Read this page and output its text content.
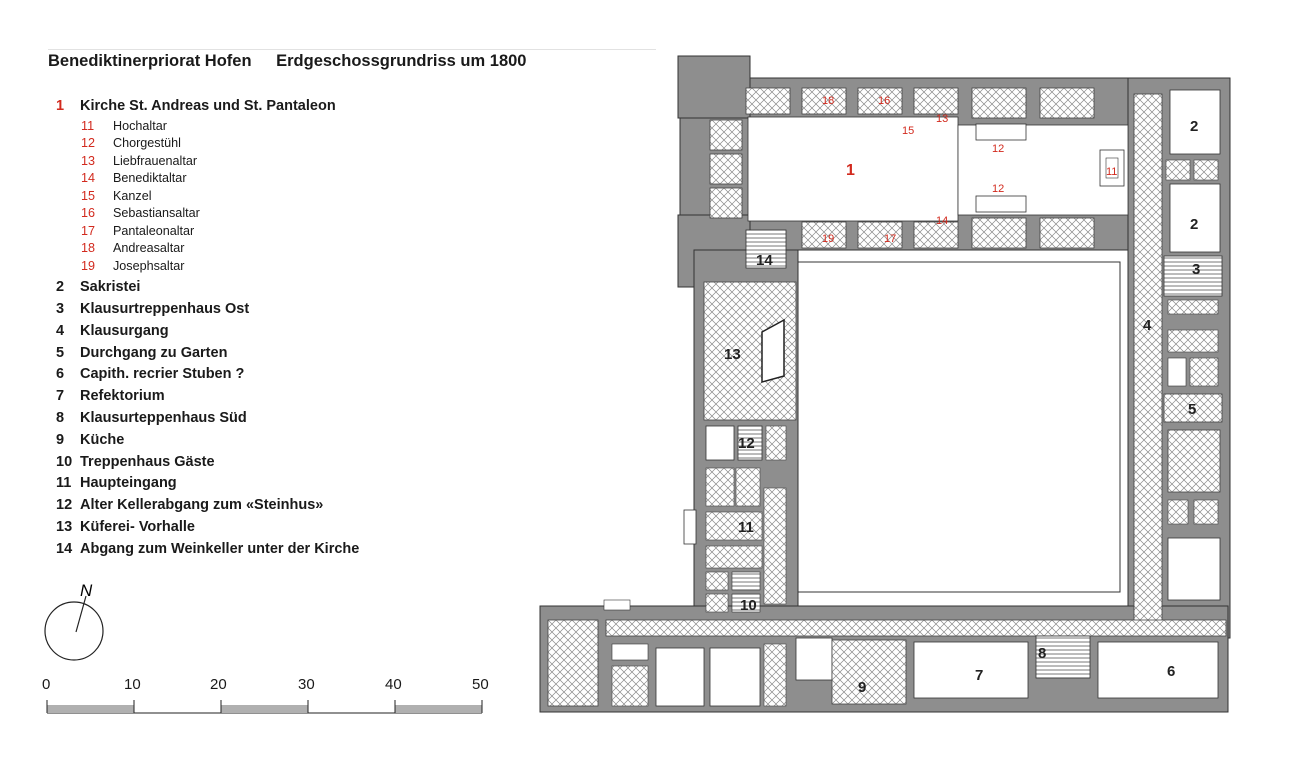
Benediktinerpriorat Hofen Erdgeschossgrundriss um 1800
1	Kirche St. Andreas und St. Pantaleon
11 Hochaltar
12 Chorgestühl
13 Liebfrauenaltar
14 Benediktaltar
15 Kanzel
16 Sebastiansaltar
17 Pantaleonaltar
18 Andreasaltar
19 Josephsaltar
2	Sakristei
3	Klausurtreppenhaus Ost
4	Klausurgang
5	Durchgang zu Garten
6	Capith. recrier Stuben ?
7	Refektorium
8	Klausurteppenhaus Süd
9	Küche
10 Treppenhaus Gäste
11 Haupteingang
12 Alter Kellerabgang zum «Steinhus»
13 Küferei- Vorhalle
14 Abgang zum Weinkeller unter der Kirche
0	10	20	30	40	50
N
2
2
3
4
5
6
7
8
9
10
11
12
13
14
1	11
12
12
13
14
15
16
17
18
19
